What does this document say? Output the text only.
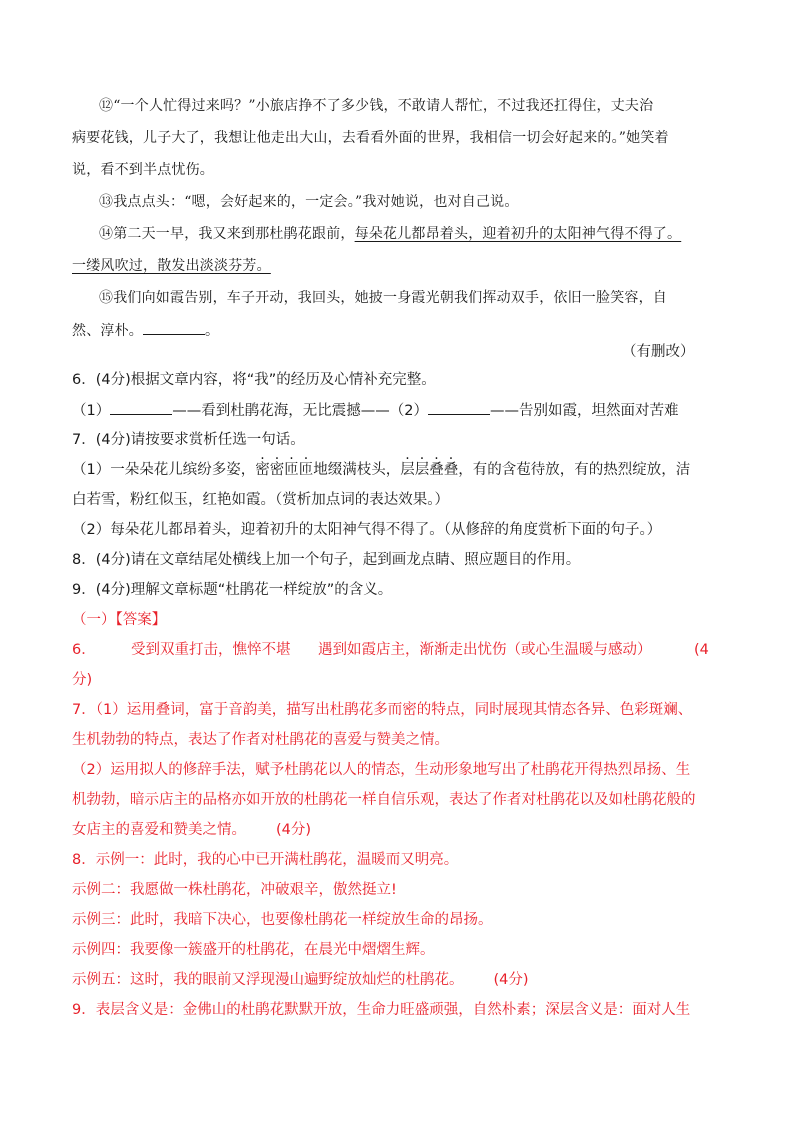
⑫“一个人忙得过来吗？”小旅店挣不了多少钱，不敢请人帮忙，不过我还扛得住，丈夫治
病要花钱，儿子大了，我想让他走出大山，去看看外面的世界，我相信一切会好起来的。”她笑着
说，看不到半点忧伤。
⑬我点点头：“嗯，会好起来的，一定会。”我对她说，也对自己说。
⑭第二天一早，我又来到那杜鹃花跟前，每朵花儿都昂着头，迎着初升的太阳神气得不得了。
一缕风吹过，散发出淡淡芬芳。
⑮我们向如霞告别，车子开动，我回头，她披一身霞光朝我们挥动双手，依旧一脸笑容，自
然、淳朴。	。
（有删改）
6．(4分)根据文章内容，将“我”的经历及心情补充完整。
（1）	——看到杜鹃花海，无比震撼——（2）	——告别如霞，坦然面对苦难
7．(4分)请按要求赏析任选一句话。
（1）一朵朵花儿缤纷多姿，密密匝匝地缀满枝头，层层叠叠，有的含苞待放，有的热烈绽放，洁
白若雪，粉红似玉，红艳如霞。（赏析加点词的表达效果。）
（2）每朵花儿都昂着头，迎着初升的太阳神气得不得了。（从修辞的角度赏析下面的句子。）
8．(4分)请在文章结尾处横线上加一个句子，起到画龙点睛、照应题目的作用。
9．(4分)理解文章标题“杜鹃花一样绽放”的含义。
（一）【答案】
6． 受到双重打击，憔悴不堪 遇到如霞店主，渐渐走出忧伤（或心生温暖与感动）	(4
分)
7．（1）运用叠词，富于音韵美，描写出杜鹃花多而密的特点，同时展现其情态各异、色彩斑斓、
生机勃勃的特点，表达了作者对杜鹃花的喜爱与赞美之情。
（2）运用拟人的修辞手法，赋予杜鹃花以人的情态，生动形象地写出了杜鹃花开得热烈昂扬、生
机勃勃，暗示店主的品格亦如开放的杜鹃花一样自信乐观，表达了作者对杜鹃花以及如杜鹃花般的
女店主的喜爱和赞美之情。 (4分)
8．示例一：此时，我的心中已开满杜鹃花，温暖而又明亮。
示例二：我愿做一株杜鹃花，冲破艰辛，傲然挺立!
示例三：此时，我暗下决心，也要像杜鹃花一样绽放生命的昂扬。
示例四：我要像一簇盛开的杜鹃花，在晨光中熠熠生辉。
示例五：这时，我的眼前又浮现漫山遍野绽放灿烂的杜鹃花。 (4分)
9．表层含义是：金佛山的杜鹃花默默开放，生命力旺盛顽强，自然朴素；深层含义是：面对人生
